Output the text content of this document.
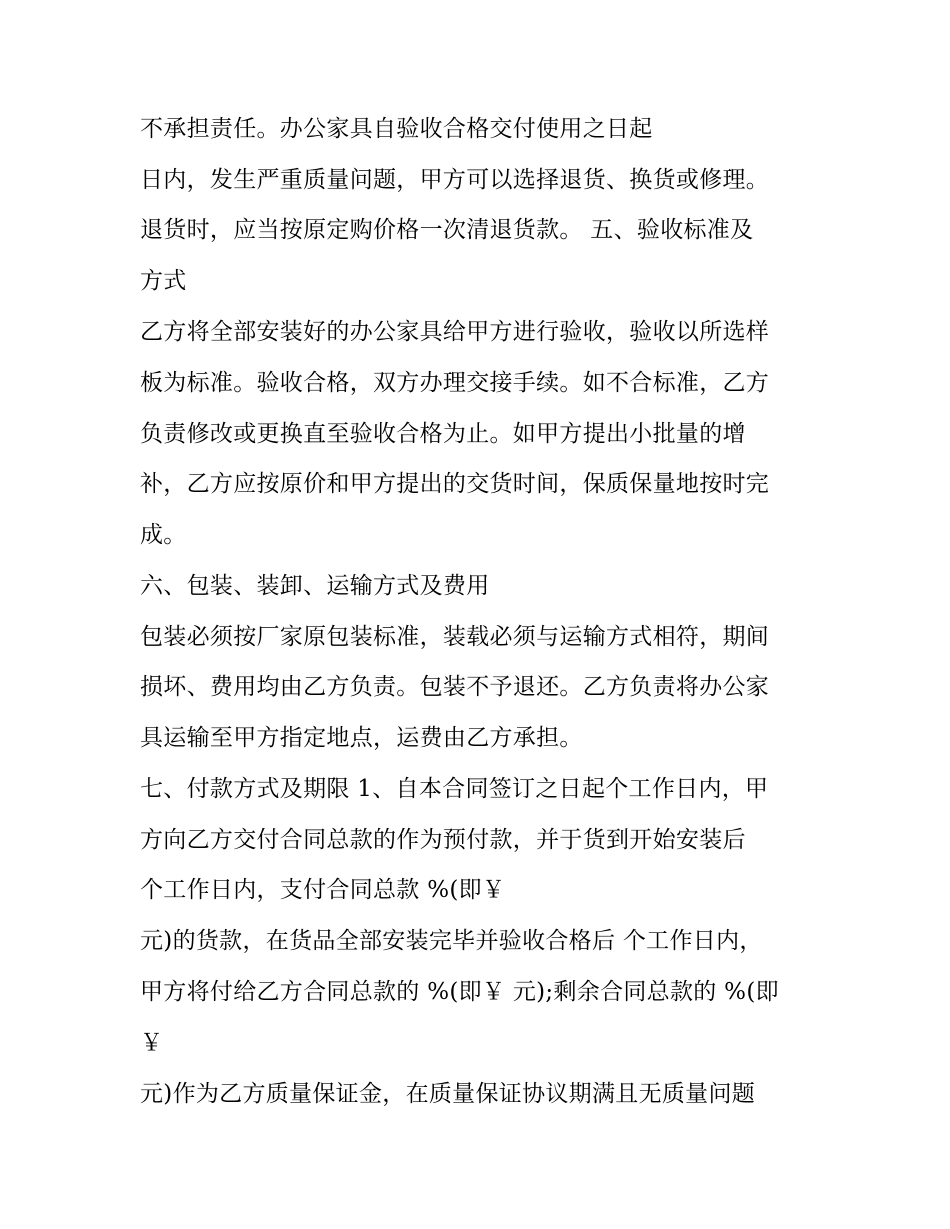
不承担责任。办公家具自验收合格交付使用之日起
日内，发生严重质量问题，甲方可以选择退货、换货或修理。
退货时，应当按原定购价格一次清退货款。 五、验收标准及
方式
乙方将全部安装好的办公家具给甲方进行验收，验收以所选样
板为标准。验收合格，双方办理交接手续。如不合标准，乙方
负责修改或更换直至验收合格为止。如甲方提出小批量的增
补，乙方应按原价和甲方提出的交货时间，保质保量地按时完
成。
六、包装、装卸、运输方式及费用
包装必须按厂家原包装标准，装载必须与运输方式相符，期间
损坏、费用均由乙方负责。包装不予退还。乙方负责将办公家
具运输至甲方指定地点，运费由乙方承担。
七、付款方式及期限 1、自本合同签订之日起个工作日内，甲
方向乙方交付合同总款的作为预付款，并于货到开始安装后
个工作日内，支付合同总款 %(即￥
元)的货款，在货品全部安装完毕并验收合格后 个工作日内，
甲方将付给乙方合同总款的 %(即￥ 元);剩余合同总款的 %(即
￥
元)作为乙方质量保证金，在质量保证协议期满且无质量问题
